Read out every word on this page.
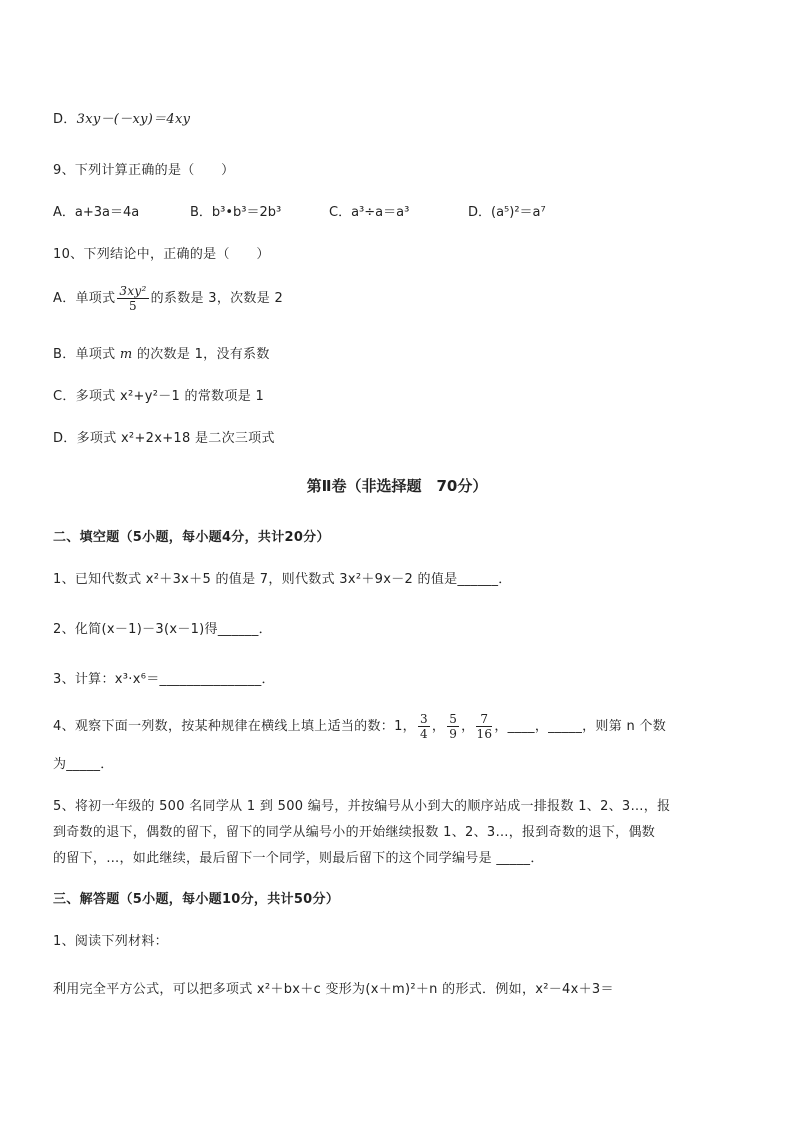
D．3xy－(－xy)＝4xy
9、下列计算正确的是（　　）
A．a+3a＝4a	B．b³•b³＝2b³	C．a³÷a＝a³	D．(a⁵)²＝a⁷
10、下列结论中，正确的是（　　）
A．单项式 $\frac{\text{3xy²}}{5}$ 的系数是 3，次数是 2
B．单项式 m 的次数是 1，没有系数
C．多项式 x²+y²－1 的常数项是 1
D．多项式 x²+2x+18 是二次三项式
第Ⅱ卷（非选择题　70分）
二、填空题（5小题，每小题4分，共计20分）
1、已知代数式 x²＋3x＋5 的值是 7，则代数式 3x²＋9x－2 的值是______．
2、化简(x－1)－3(x－1)得______．
3、计算：x³·x⁶＝_______________．
4、观察下面一列数，按某种规律在横线上填上适当的数：1， $\frac{3}{4}$ ， $\frac{5}{9}$ ， $\frac{7}{16}$ ，____，_____，则第 n 个数
为_____．
5、将初一年级的 500 名同学从 1 到 500 编号，并按编号从小到大的顺序站成一排报数 1、2、3…，报
到奇数的退下，偶数的留下，留下的同学从编号小的开始继续报数 1、2、3…，报到奇数的退下，偶数
的留下，…，如此继续，最后留下一个同学，则最后留下的这个同学编号是 _____．
三、解答题（5小题，每小题10分，共计50分）
1、阅读下列材料：
利用完全平方公式，可以把多项式 x²＋bx＋c 变形为(x＋m)²＋n 的形式．例如，x²－4x＋3＝
